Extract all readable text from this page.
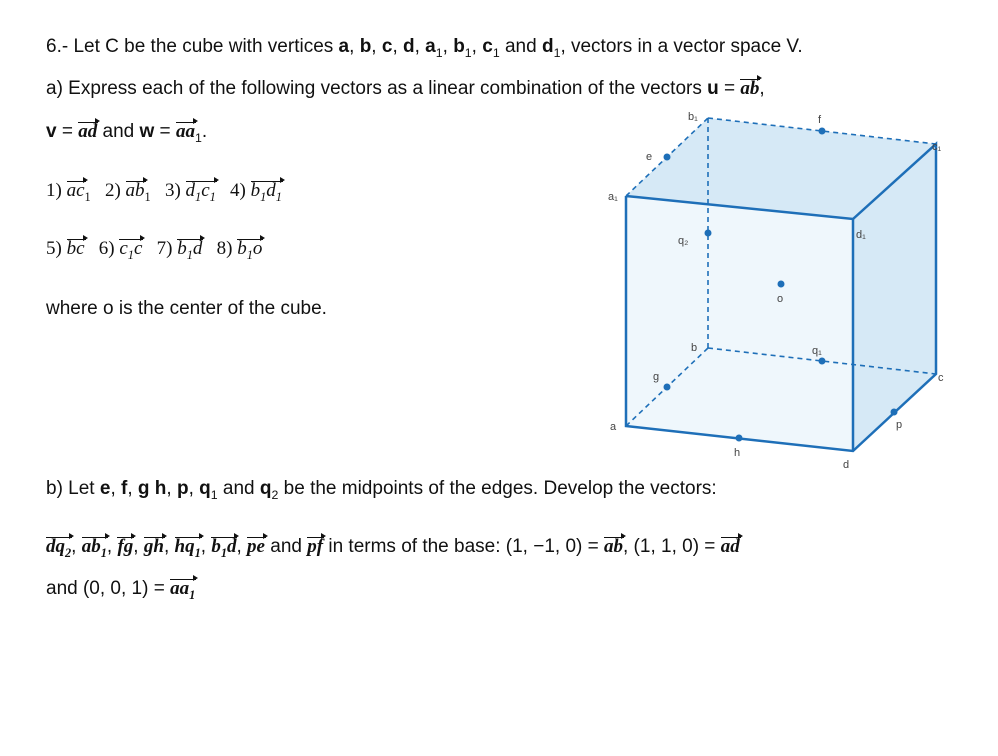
6.- Let C be the cube with vertices a, b, c, d, $a_1$, $b_1$, $c_1$ and $d_1$, vectors in a vector space V.
a) Express each of the following vectors as a linear combination of the vectors u = ab,
v = ad and $w = aa_1$.
1) $ac_1$   2) $ab_1$   3) $d_1c_1$   4) $b_1d_1$
5) bc   6) $c_1c$   7) $b_1d$   8) $b_1o$
where o is the center of the cube.
b) Let e, f, g h, p, $q_1$ and $q_2$ be the midpoints of the edges. Develop the vectors:
$dq_2$, $ab_1$, fg, gh, $hq_1$, $b_1d$, pe and pf in terms of the base: (1, −1, 0) = ab, (1, 1, 0) = ad
and (0, 0, $1) = aa_1$
b₁	f
c₁
e
a₁
d₁
q₂
o
b	q₁
c
g
a	p
h
d
